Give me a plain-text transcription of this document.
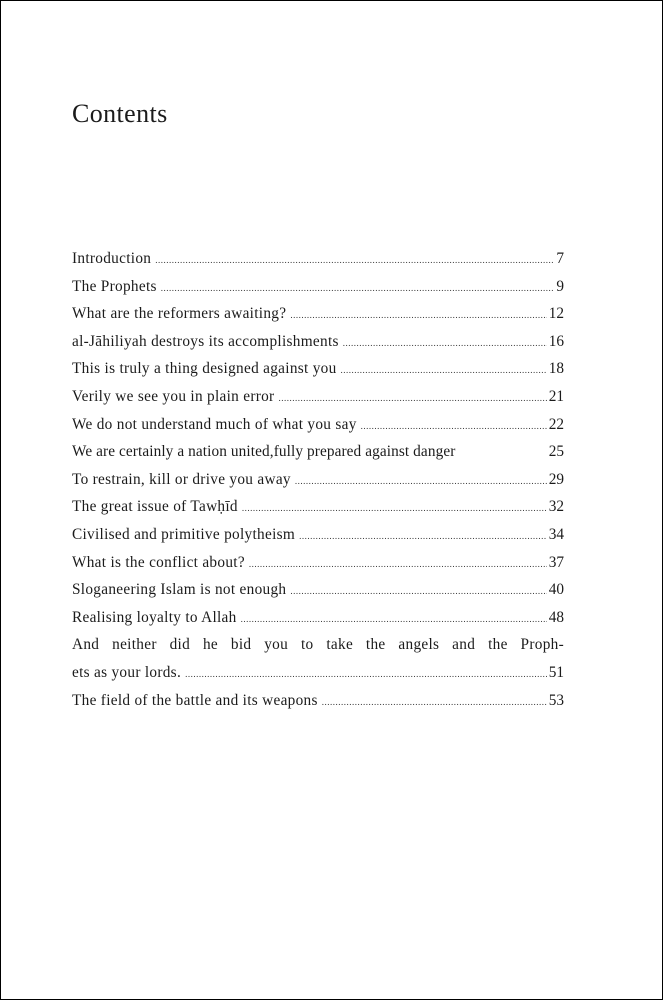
Contents
Introduction .....	7
The Prophets .....	9
What are the reformers awaiting? .....	12
al-Jāhiliyah destroys its accomplishments .....	16
This is truly a thing designed against you .....	18
Verily we see you in plain error .....	21
We do not understand much of what you say .....	22
We are certainly a nation united,fully prepared against danger	25
To restrain, kill or drive you away .....	29
The great issue of Tawḥīd .....	32
Civilised and primitive polytheism .....	34
What is the conflict about? .....	37
Sloganeering Islam is not enough .....	40
Realising loyalty to Allah .....	48
And neither did he bid you to take the angels and the Proph-
ets as your lords. .....	51
The field of the battle and its weapons .....	53
